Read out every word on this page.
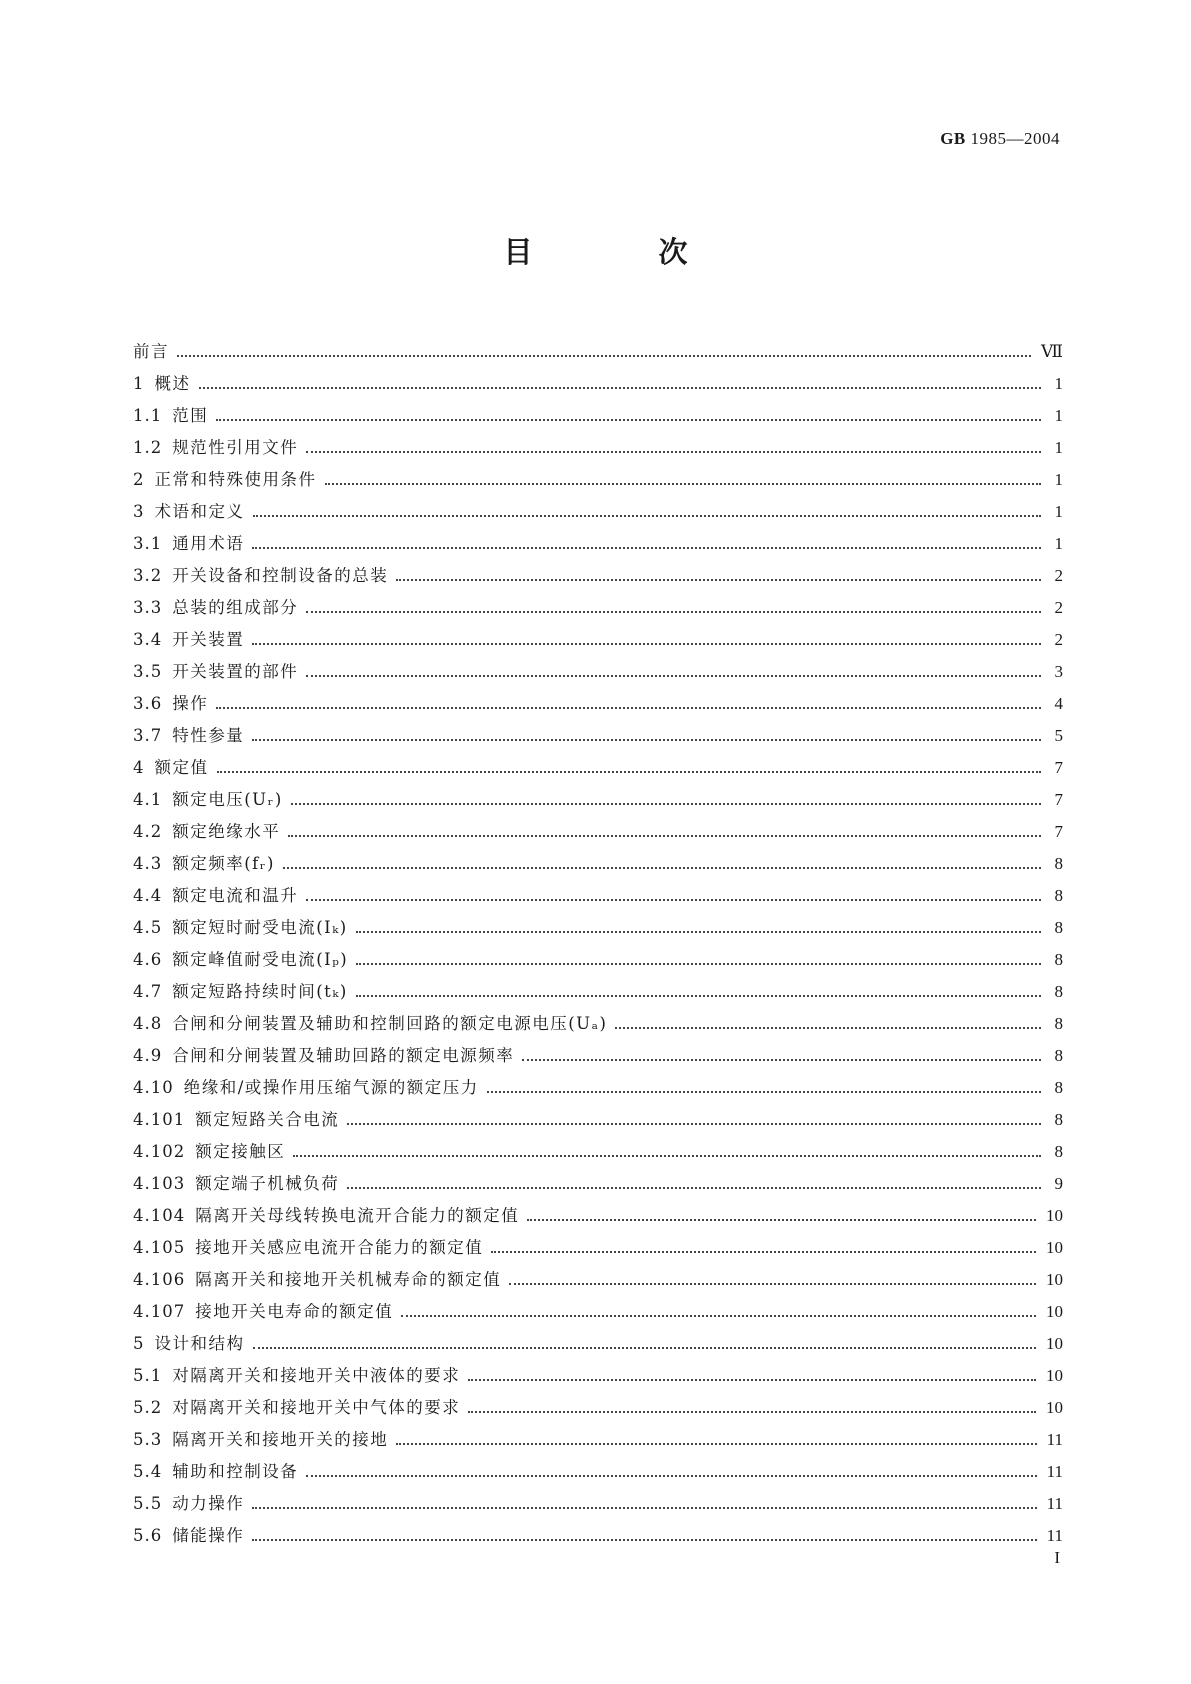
GB 1985—2004
目 次
前言	Ⅶ
1 概述	1
1.1 范围	1
1.2 规范性引用文件	1
2 正常和特殊使用条件	1
3 术语和定义	1
3.1 通用术语	1
3.2 开关设备和控制设备的总装	2
3.3 总装的组成部分	2
3.4 开关装置	2
3.5 开关装置的部件	3
3.6 操作	4
3.7 特性参量	5
4 额定值	7
4.1 额定电压(Uᵣ)	7
4.2 额定绝缘水平	7
4.3 额定频率(fᵣ)	8
4.4 额定电流和温升	8
4.5 额定短时耐受电流(Iₖ)	8
4.6 额定峰值耐受电流(Iₚ)	8
4.7 额定短路持续时间(tₖ)	8
4.8 合闸和分闸装置及辅助和控制回路的额定电源电压(Uₐ)	8
4.9 合闸和分闸装置及辅助回路的额定电源频率	8
4.10 绝缘和/或操作用压缩气源的额定压力	8
4.101 额定短路关合电流	8
4.102 额定接触区	8
4.103 额定端子机械负荷	9
4.104 隔离开关母线转换电流开合能力的额定值	10
4.105 接地开关感应电流开合能力的额定值	10
4.106 隔离开关和接地开关机械寿命的额定值	10
4.107 接地开关电寿命的额定值	10
5 设计和结构	10
5.1 对隔离开关和接地开关中液体的要求	10
5.2 对隔离开关和接地开关中气体的要求	10
5.3 隔离开关和接地开关的接地	11
5.4 辅助和控制设备	11
5.5 动力操作	11
5.6 储能操作	11
I
